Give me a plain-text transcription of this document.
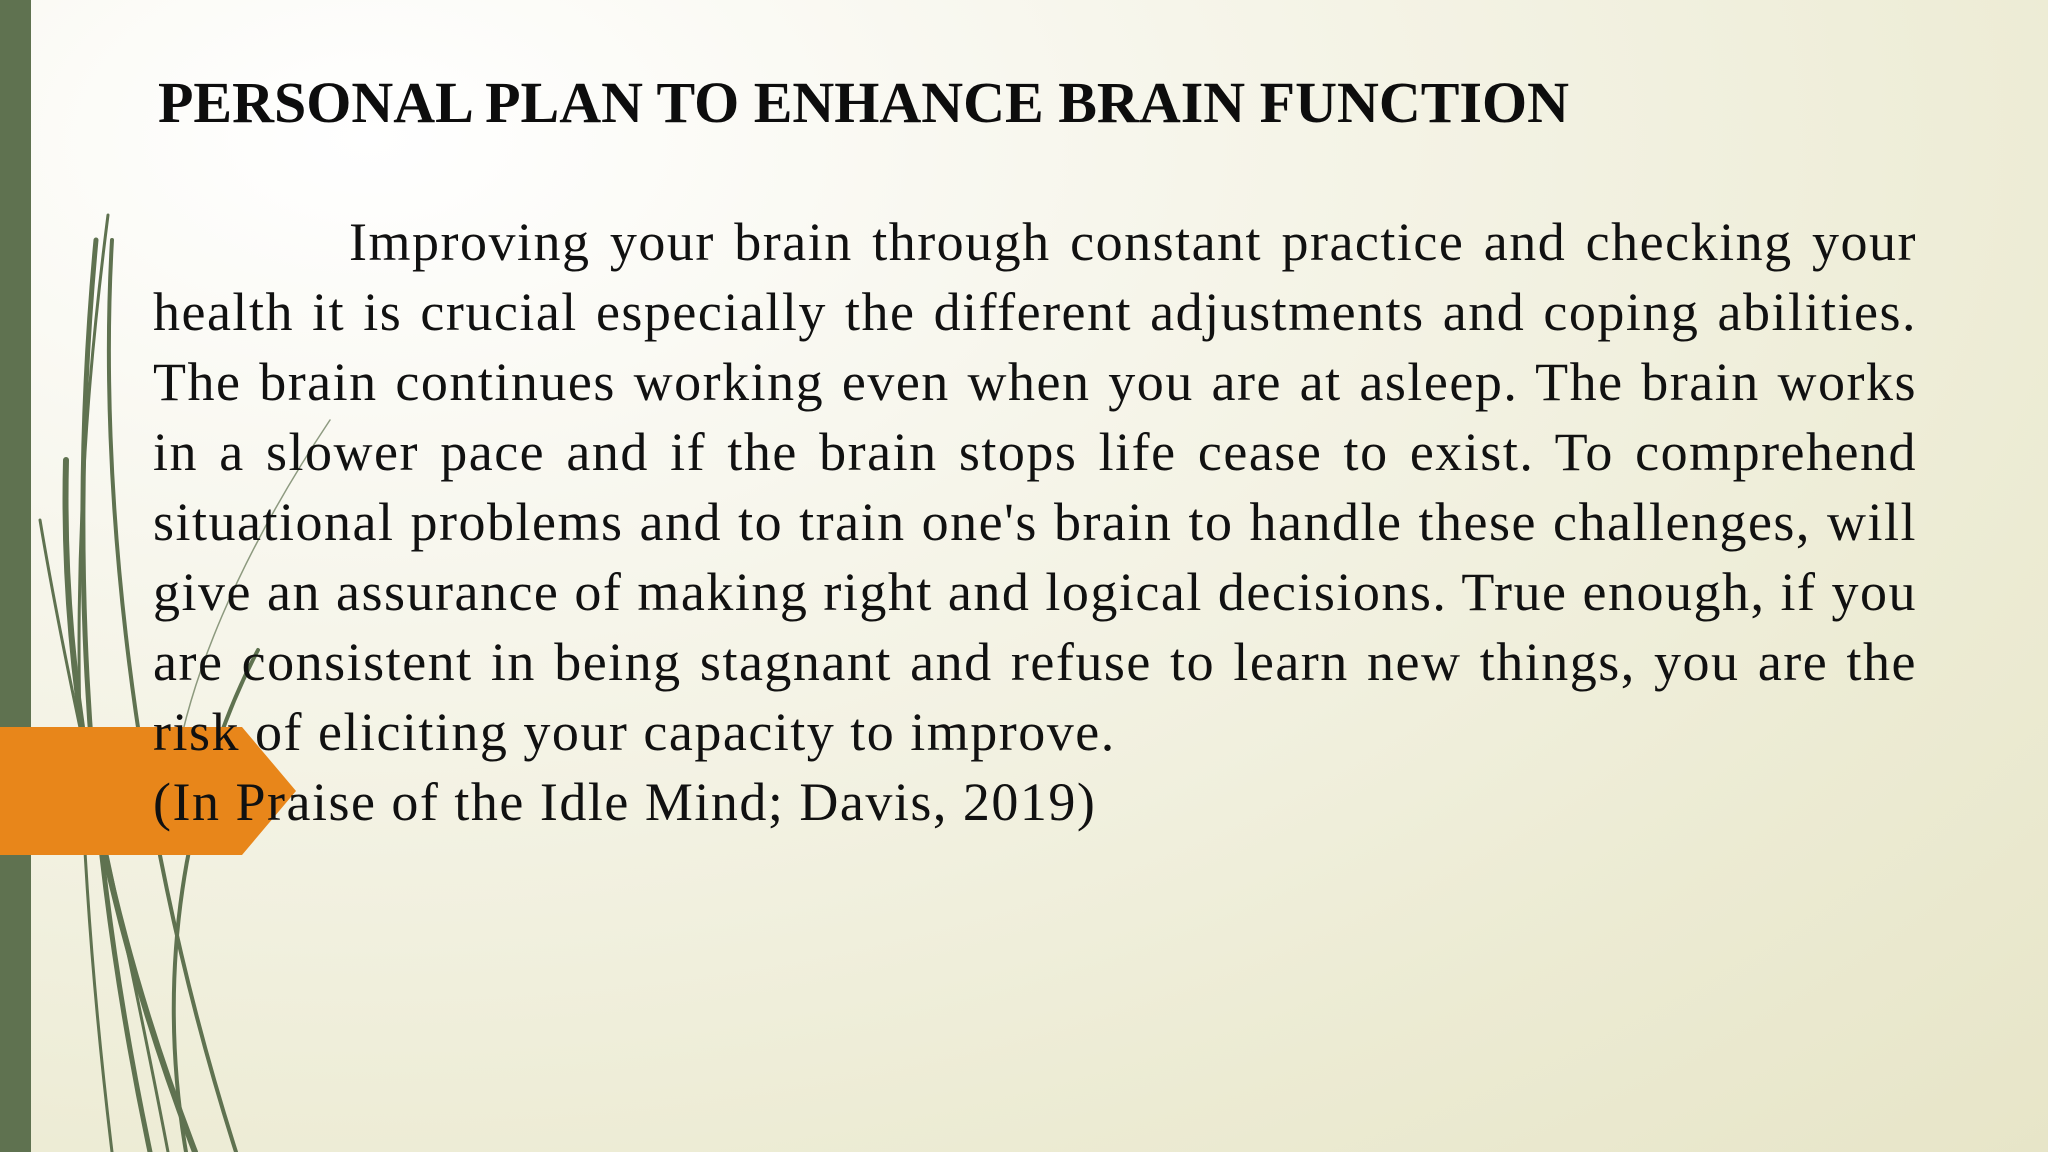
PERSONAL PLAN TO ENHANCE BRAIN FUNCTION

Improving your brain through constant practice and checking your health it is crucial especially the different adjustments and coping abilities. The brain continues working even when you are at asleep. The brain works in a slower pace and if the brain stops life cease to exist. To comprehend situational problems and to train one's brain to handle these challenges, will give an assurance of making right and logical decisions. True enough, if you are consistent in being stagnant and refuse to learn new things, you are the risk of eliciting your capacity to improve.

(In Praise of the Idle Mind; Davis, 2019)
